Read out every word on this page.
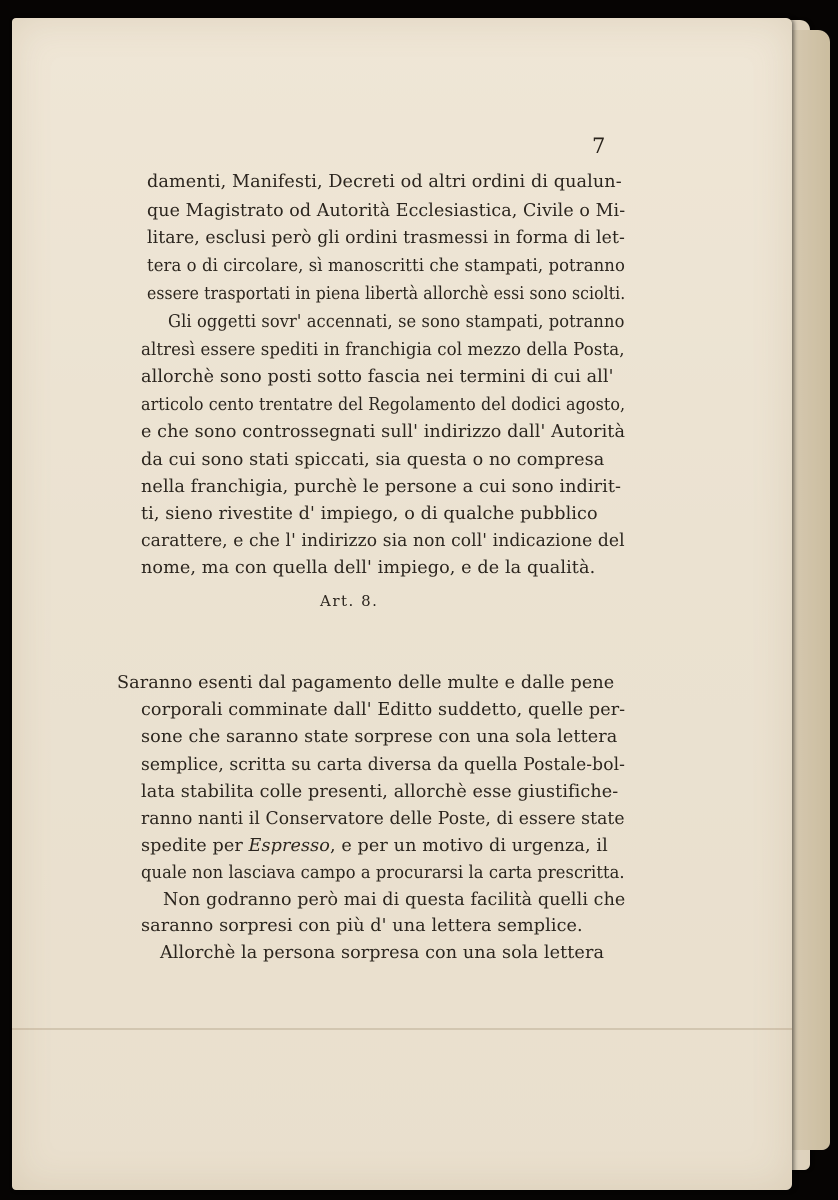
7
damenti, Manifesti, Decreti od altri ordini di qualun-
que Magistrato od Autorità Ecclesiastica, Civile o Mi-
litare, esclusi però gli ordini trasmessi in forma di let-
tera o di circolare, sì manoscritti che stampati, potranno
essere trasportati in piena libertà allorchè essi sono sciolti.
Gli oggetti sovr' accennati, se sono stampati, potranno
altresì essere spediti in franchigia col mezzo della Posta,
allorchè sono posti sotto fascia nei termini di cui all'
articolo cento trentatre del Regolamento del dodici agosto,
e che sono controssegnati sull' indirizzo dall' Autorità
da cui sono stati spiccati, sia questa o no compresa
nella franchigia, purchè le persone a cui sono indirit-
ti, sieno rivestite d' impiego, o di qualche pubblico
carattere, e che l' indirizzo sia non coll' indicazione del
nome, ma con quella dell' impiego, e de la qualità.
Art. 8.
Saranno esenti dal pagamento delle multe e dalle pene
corporali comminate dall' Editto suddetto, quelle per-
sone che saranno state sorprese con una sola lettera
semplice, scritta su carta diversa da quella Postale-bol-
lata stabilita colle presenti, allorchè esse giustifiche-
ranno nanti il Conservatore delle Poste, di essere state
spedite per Espresso, e per un motivo di urgenza, il
quale non lasciava campo a procurarsi la carta prescritta.
Non godranno però mai di questa facilità quelli che
saranno sorpresi con più d' una lettera semplice.
Allorchè la persona sorpresa con una sola lettera
